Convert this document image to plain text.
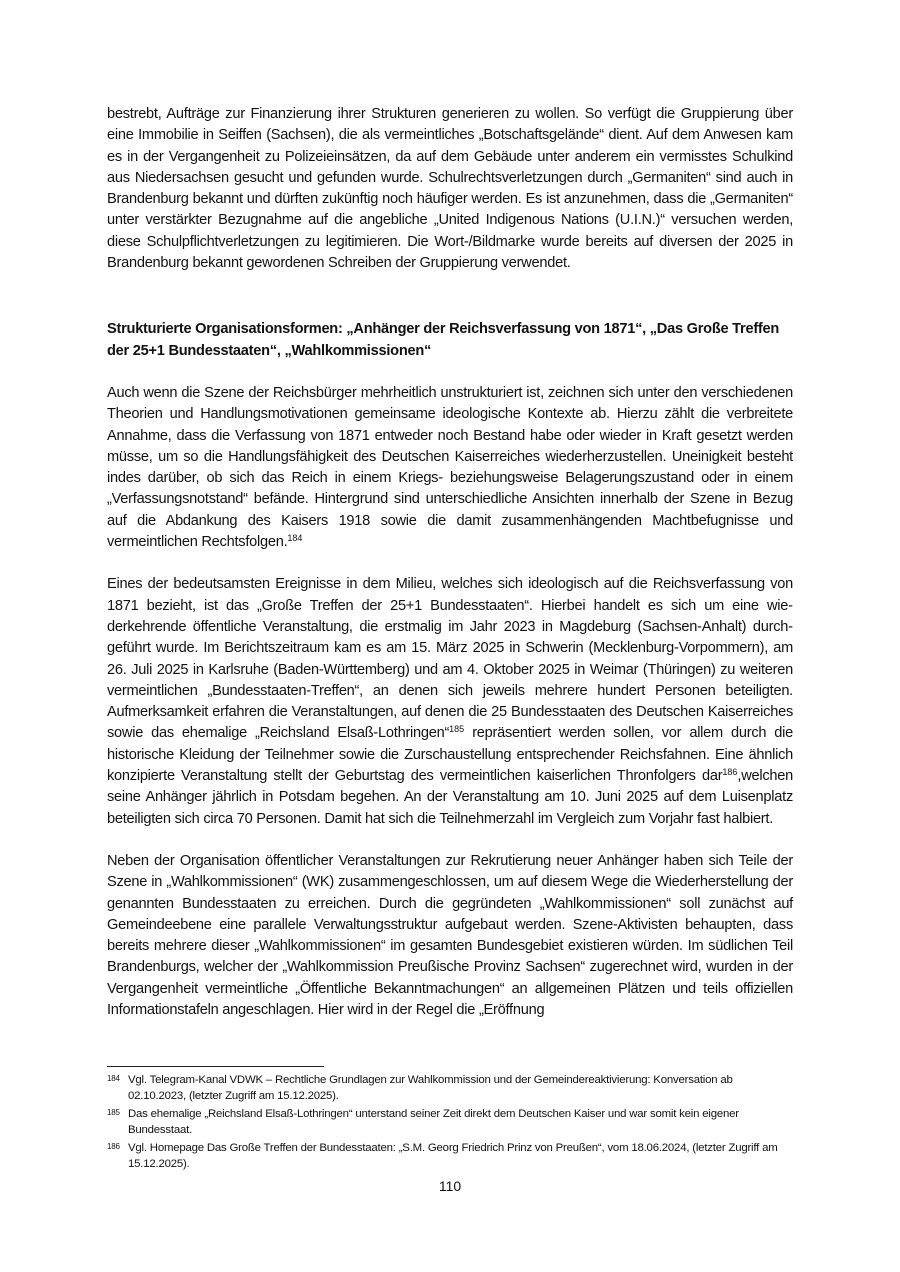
bestrebt, Aufträge zur Finanzierung ihrer Strukturen generieren zu wollen. So verfügt die Gruppierung über eine Immobilie in Seiffen (Sachsen), die als vermeintliches „Botschaftsgelände“ dient. Auf dem Anwesen kam es in der Vergangenheit zu Polizeieinsätzen, da auf dem Gebäude unter anderem ein vermisstes Schulkind aus Niedersachsen gesucht und gefunden wurde. Schulrechtsverletzungen durch „Germaniten“ sind auch in Brandenburg bekannt und dürften zukünftig noch häufiger werden. Es ist anzunehmen, dass die „Germaniten“ unter verstärkter Bezugnahme auf die angebliche „United Indigenous Nations (U.I.N.)“ versuchen werden, diese Schulpflichtverletzungen zu legitimieren. Die Wort-/Bildmarke wurde bereits auf diversen der 2025 in Brandenburg bekannt gewordenen Schreiben der Gruppierung verwendet.

Strukturierte Organisationsformen: „Anhänger der Reichsverfassung von 1871“, „Das Große Treffen der 25+1 Bundesstaaten“, „Wahlkommissionen“

Auch wenn die Szene der Reichsbürger mehrheitlich unstrukturiert ist, zeichnen sich unter den verschiedenen Theorien und Handlungsmotivationen gemeinsame ideologische Kontexte ab. Hierzu zählt die verbreitete Annahme, dass die Verfassung von 1871 entweder noch Bestand habe oder wieder in Kraft gesetzt werden müsse, um so die Handlungsfähigkeit des Deutschen Kaiserreiches wiederherzustellen. Uneinigkeit besteht indes darüber, ob sich das Reich in einem Kriegs- beziehungsweise Belagerungszustand oder in einem „Verfassungsnotstand“ befände. Hintergrund sind unterschiedliche Ansichten innerhalb der Szene in Bezug auf die Abdankung des Kaisers 1918 sowie die damit zusammenhängenden Machtbefugnisse und vermeintlichen Rechtsfolgen.$^{184}$

Eines der bedeutsamsten Ereignisse in dem Milieu, welches sich ideologisch auf die Reichsverfassung von 1871 bezieht, ist das „Große Treffen der 25+1 Bundesstaaten“. Hierbei handelt es sich um eine wiederkehrende öffentliche Veranstaltung, die erstmalig im Jahr 2023 in Magdeburg (Sachsen-Anhalt) durchgeführt wurde. Im Berichtszeitraum kam es am 15. März 2025 in Schwerin (Mecklenburg-Vorpommern), am 26. Juli 2025 in Karlsruhe (Baden-Württemberg) und am 4. Oktober 2025 in Weimar (Thüringen) zu weiteren vermeintlichen „Bundesstaaten-Treffen“, an denen sich jeweils mehrere hundert Personen beteiligten. Aufmerksamkeit erfahren die Veranstaltungen, auf denen die 25 Bundesstaaten des Deutschen Kaiserreiches sowie das ehemalige „Reichsland Elsaß-Lothringen“$^{185}$ repräsentiert werden sollen, vor allem durch die historische Kleidung der Teilnehmer sowie die Zurschaustellung entsprechender Reichsfahnen. Eine ähnlich konzipierte Veranstaltung stellt der Geburtstag des vermeintlichen kaiserlichen Thronfolgers dar$^{186}$,welchen seine Anhänger jährlich in Potsdam begehen. An der Veranstaltung am 10. Juni 2025 auf dem Luisenplatz beteiligten sich circa 70 Personen. Damit hat sich die Teilnehmerzahl im Vergleich zum Vorjahr fast halbiert.

Neben der Organisation öffentlicher Veranstaltungen zur Rekrutierung neuer Anhänger haben sich Teile der Szene in „Wahlkommissionen“ (WK) zusammengeschlossen, um auf diesem Wege die Wiederherstellung der genannten Bundesstaaten zu erreichen. Durch die gegründeten „Wahlkommissionen“ soll zunächst auf Gemeindeebene eine parallele Verwaltungsstruktur aufgebaut werden. Szene-Aktivisten behaupten, dass bereits mehrere dieser „Wahlkommissionen“ im gesamten Bundesgebiet existieren würden. Im südlichen Teil Brandenburgs, welcher der „Wahlkommission Preußische Provinz Sachsen“ zugerechnet wird, wurden in der Vergangenheit vermeintliche „Öffentliche Bekanntmachungen“ an allgemeinen Plätzen und teils offiziellen Informationstafeln angeschlagen. Hier wird in der Regel die „Eröffnung

184 Vgl. Telegram-Kanal VDWK – Rechtliche Grundlagen zur Wahlkommission und der Gemeindereaktivierung: Konversation ab 02.10.2023, (letzter Zugriff am 15.12.2025).
185 Das ehemalige „Reichsland Elsaß-Lothringen“ unterstand seiner Zeit direkt dem Deutschen Kaiser und war somit kein eigener Bundesstaat.
186 Vgl. Homepage Das Große Treffen der Bundesstaaten: „S.M. Georg Friedrich Prinz von Preußen“, vom 18.06.2024, (letzter Zugriff am 15.12.2025).
110
